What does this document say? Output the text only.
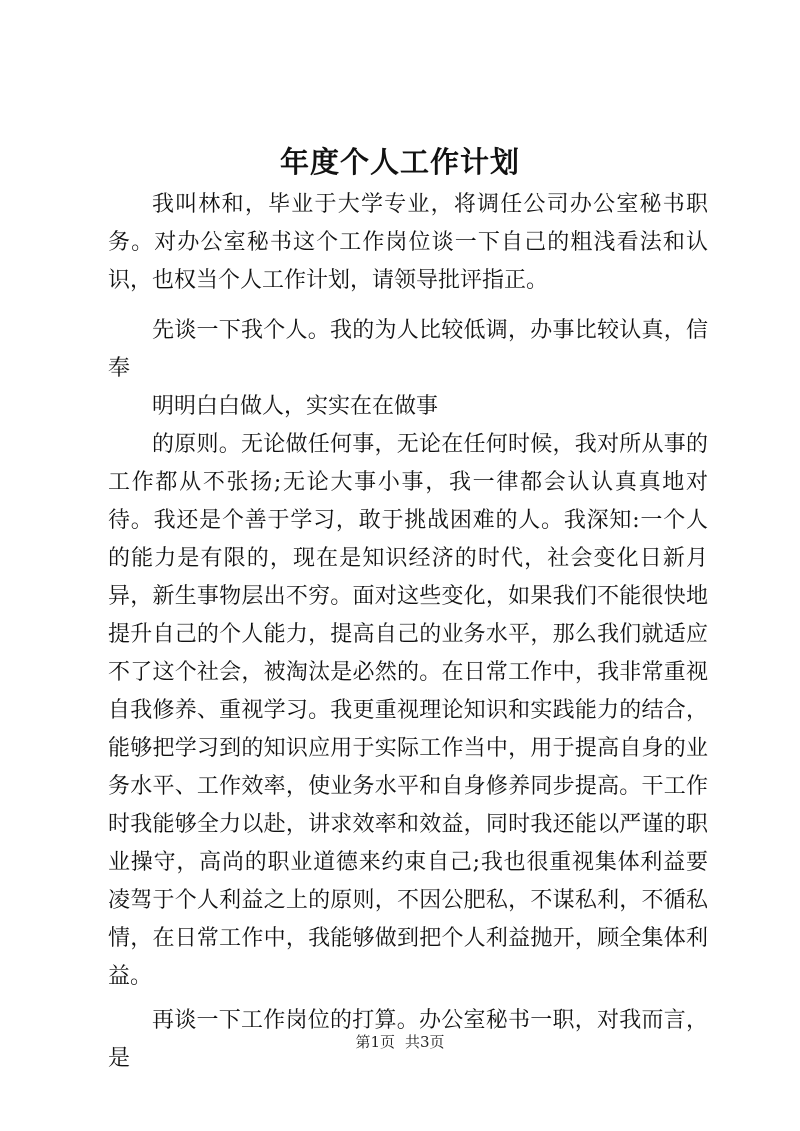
年度个人工作计划

我叫林和，毕业于大学专业，将调任公司办公室秘书职务。对办公室秘书这个工作岗位谈一下自己的粗浅看法和认识，也权当个人工作计划，请领导批评指正。

先谈一下我个人。我的为人比较低调，办事比较认真，信奉

明明白白做人，实实在在做事

的原则。无论做任何事，无论在任何时候，我对所从事的工作都从不张扬;无论大事小事，我一律都会认认真真地对待。我还是个善于学习，敢于挑战困难的人。我深知:一个人的能力是有限的，现在是知识经济的时代，社会变化日新月异，新生事物层出不穷。面对这些变化，如果我们不能很快地提升自己的个人能力，提高自己的业务水平，那么我们就适应不了这个社会，被淘汰是必然的。在日常工作中，我非常重视自我修养、重视学习。我更重视理论知识和实践能力的结合，能够把学习到的知识应用于实际工作当中，用于提高自身的业务水平、工作效率，使业务水平和自身修养同步提高。干工作时我能够全力以赴，讲求效率和效益，同时我还能以严谨的职业操守，高尚的职业道德来约束自己;我也很重视集体利益要凌驾于个人利益之上的原则，不因公肥私，不谋私利，不循私情，在日常工作中，我能够做到把个人利益抛开，顾全集体利益。

再谈一下工作岗位的打算。办公室秘书一职，对我而言，是

第1页 共3页
